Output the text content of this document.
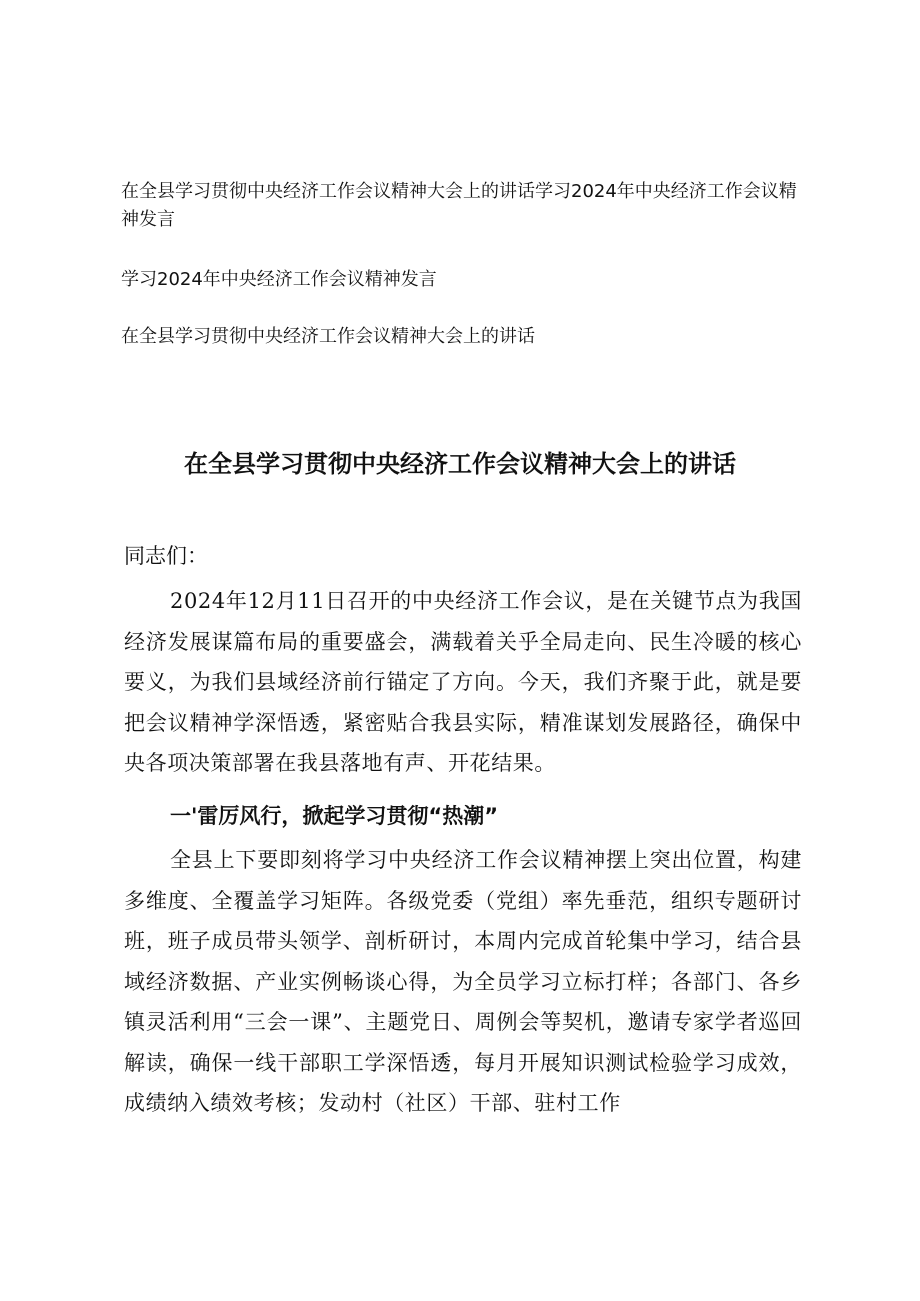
在全县学习贯彻中央经济工作会议精神大会上的讲话学习2024年中央经济工作会议精神发言

学习2024年中央经济工作会议精神发言

在全县学习贯彻中央经济工作会议精神大会上的讲话

在全县学习贯彻中央经济工作会议精神大会上的讲话

同志们：

2024年12月11日召开的中央经济工作会议，是在关键节点为我国经济发展谋篇布局的重要盛会，满载着关乎全局走向、民生冷暖的核心要义，为我们县域经济前行锚定了方向。今天，我们齐聚于此，就是要把会议精神学深悟透，紧密贴合我县实际，精准谋划发展路径，确保中央各项决策部署在我县落地有声、开花结果。

一'雷厉风行，掀起学习贯彻“热潮”

全县上下要即刻将学习中央经济工作会议精神摆上突出位置，构建多维度、全覆盖学习矩阵。各级党委（党组）率先垂范，组织专题研讨班，班子成员带头领学、剖析研讨，本周内完成首轮集中学习，结合县域经济数据、产业实例畅谈心得，为全员学习立标打样；各部门、各乡镇灵活利用“三会一课”、主题党日、周例会等契机，邀请专家学者巡回解读，确保一线干部职工学深悟透，每月开展知识测试检验学习成效，成绩纳入绩效考核；发动村（社区）干部、驻村工作
